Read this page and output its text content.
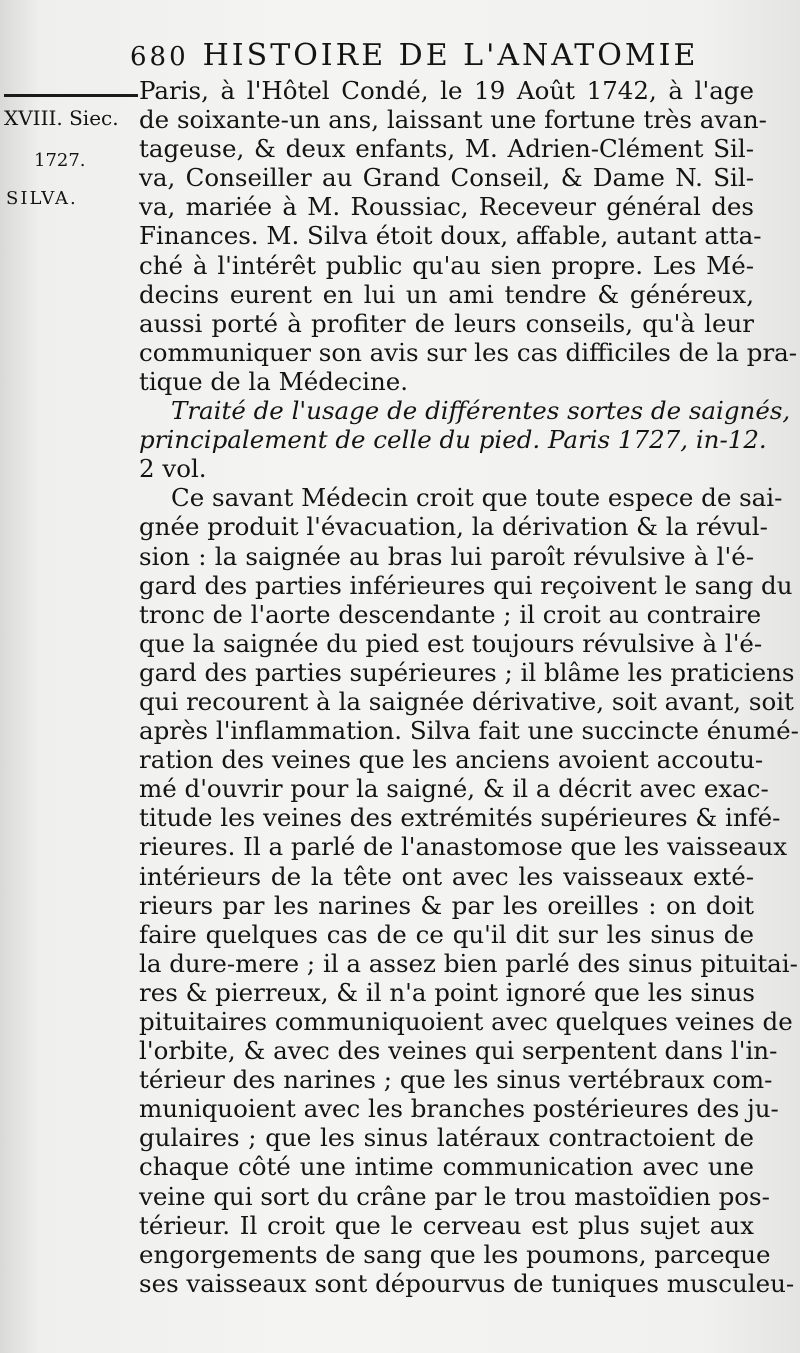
680 HISTOIRE DE L'ANATOMIE
XVIII. Siec.
1727.
SILVA.
Paris, à l'Hôtel Condé, le 19 Août 1742, à l'age
de soixante-un ans, laissant une fortune très avan-
tageuse, & deux enfants, M. Adrien-Clément Sil-
va, Conseiller au Grand Conseil, & Dame N. Sil-
va, mariée à M. Roussiac, Receveur général des
Finances. M. Silva étoit doux, affable, autant atta-
ché à l'intérêt public qu'au sien propre. Les Mé-
decins eurent en lui un ami tendre & généreux,
aussi porté à profiter de leurs conseils, qu'à leur
communiquer son avis sur les cas difficiles de la pra-
tique de la Médecine.
Traité de l'usage de différentes sortes de saignés,
principalement de celle du pied. Paris 1727, in-12.
2 vol.
Ce savant Médecin croit que toute espece de sai-
gnée produit l'évacuation, la dérivation & la révul-
sion : la saignée au bras lui paroît révulsive à l'é-
gard des parties inférieures qui reçoivent le sang du
tronc de l'aorte descendante ; il croit au contraire
que la saignée du pied est toujours révulsive à l'é-
gard des parties supérieures ; il blâme les praticiens
qui recourent à la saignée dérivative, soit avant, soit
après l'inflammation. Silva fait une succincte énumé-
ration des veines que les anciens avoient accoutu-
mé d'ouvrir pour la saigné, & il a décrit avec exac-
titude les veines des extrémités supérieures & infé-
rieures. Il a parlé de l'anastomose que les vaisseaux
intérieurs de la tête ont avec les vaisseaux exté-
rieurs par les narines & par les oreilles : on doit
faire quelques cas de ce qu'il dit sur les sinus de
la dure-mere ; il a assez bien parlé des sinus pituitai-
res & pierreux, & il n'a point ignoré que les sinus
pituitaires communiquoient avec quelques veines de
l'orbite, & avec des veines qui serpentent dans l'in-
térieur des narines ; que les sinus vertébraux com-
muniquoient avec les branches postérieures des ju-
gulaires ; que les sinus latéraux contractoient de
chaque côté une intime communication avec une
veine qui sort du crâne par le trou mastoïdien pos-
térieur. Il croit que le cerveau est plus sujet aux
engorgements de sang que les poumons, parceque
ses vaisseaux sont dépourvus de tuniques musculeu-
